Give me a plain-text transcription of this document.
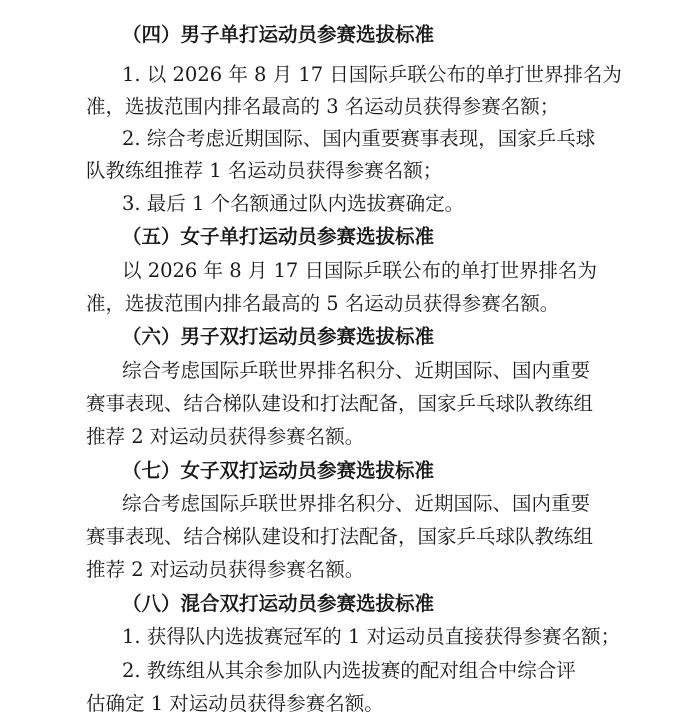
（四）男子单打运动员参赛选拔标准
1. 以 2026 年 8 月 17 日国际乒联公布的单打世界排名为
准，选拔范围内排名最高的 3 名运动员获得参赛名额；
2. 综合考虑近期国际、国内重要赛事表现，国家乒乓球
队教练组推荐 1 名运动员获得参赛名额；
3. 最后 1 个名额通过队内选拔赛确定。
（五）女子单打运动员参赛选拔标准
以 2026 年 8 月 17 日国际乒联公布的单打世界排名为
准，选拔范围内排名最高的 5 名运动员获得参赛名额。
（六）男子双打运动员参赛选拔标准
综合考虑国际乒联世界排名积分、近期国际、国内重要
赛事表现、结合梯队建设和打法配备，国家乒乓球队教练组
推荐 2 对运动员获得参赛名额。
（七）女子双打运动员参赛选拔标准
综合考虑国际乒联世界排名积分、近期国际、国内重要
赛事表现、结合梯队建设和打法配备，国家乒乓球队教练组
推荐 2 对运动员获得参赛名额。
（八）混合双打运动员参赛选拔标准
1. 获得队内选拔赛冠军的 1 对运动员直接获得参赛名额；
2. 教练组从其余参加队内选拔赛的配对组合中综合评
估确定 1 对运动员获得参赛名额。
